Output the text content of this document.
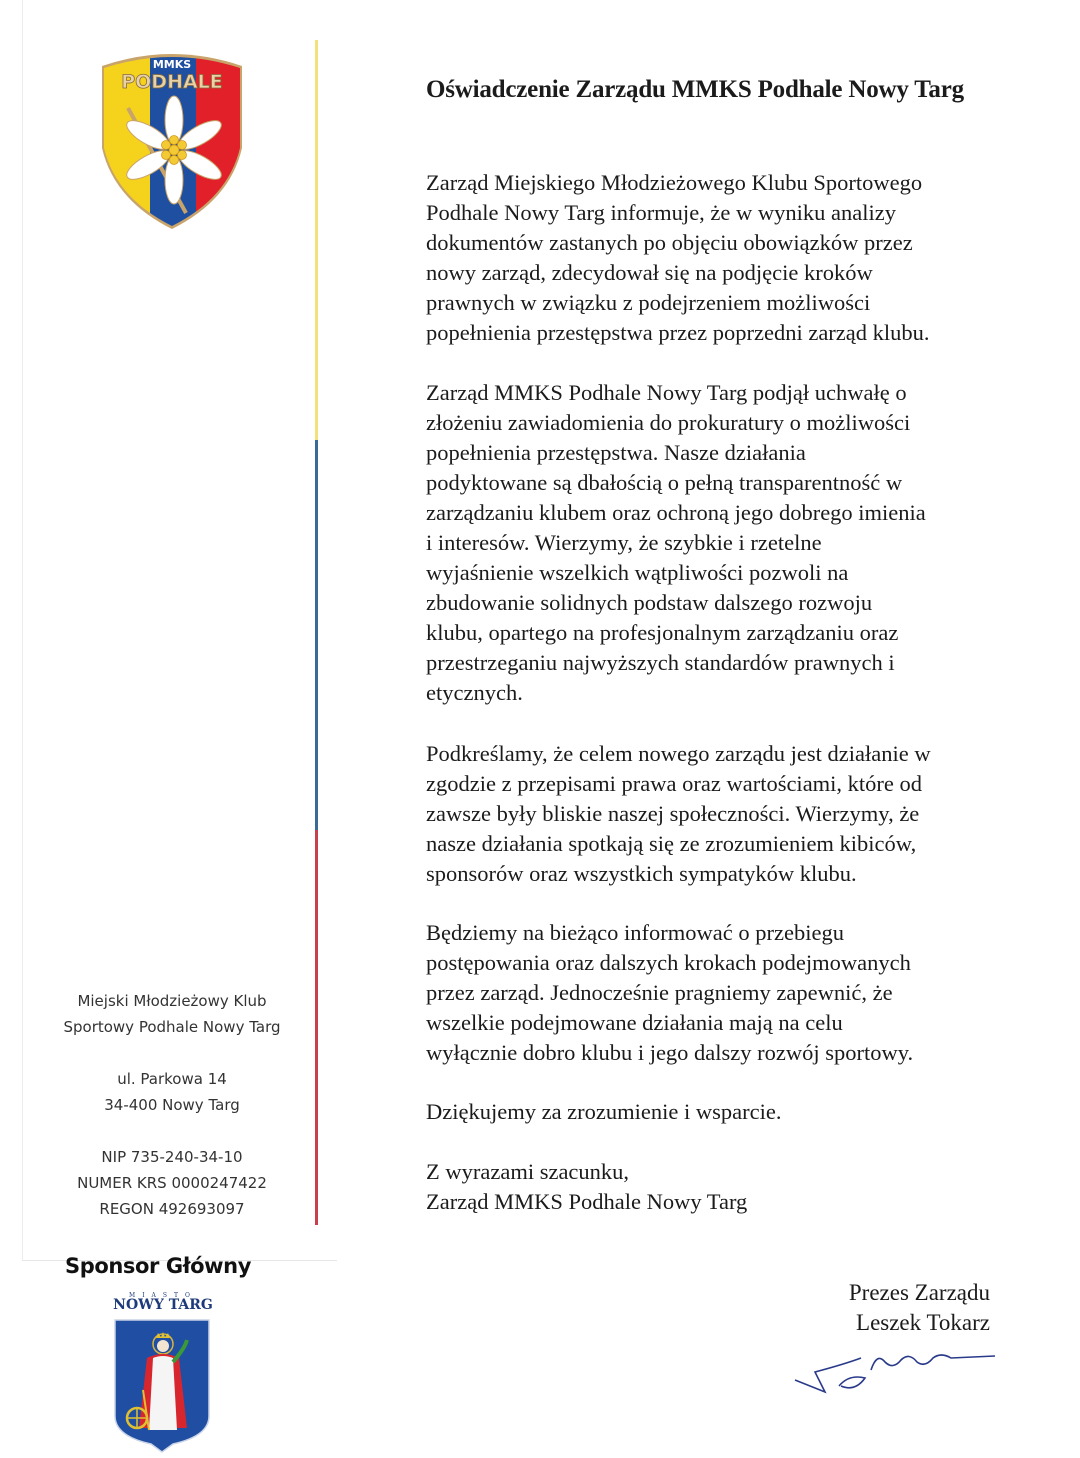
MMKS
PODHALE
Miejski Młodzieżowy Klub
Sportowy Podhale Nowy Targ
ul. Parkowa 14
34-400 Nowy Targ
NIP 735-240-34-10
NUMER KRS 0000247422
REGON 492693097
Sponsor Główny
MIASTO
NOWY TARG
Oświadczenie Zarządu MMKS Podhale Nowy Targ
Zarząd Miejskiego Młodzieżowego Klubu Sportowego
Podhale Nowy Targ informuje, że w wyniku analizy
dokumentów zastanych po objęciu obowiązków przez
nowy zarząd, zdecydował się na podjęcie kroków
prawnych w związku z podejrzeniem możliwości
popełnienia przestępstwa przez poprzedni zarząd klubu.
Zarząd MMKS Podhale Nowy Targ podjął uchwałę o
złożeniu zawiadomienia do prokuratury o możliwości
popełnienia przestępstwa. Nasze działania
podyktowane są dbałością o pełną transparentność w
zarządzaniu klubem oraz ochroną jego dobrego imienia
i interesów. Wierzymy, że szybkie i rzetelne
wyjaśnienie wszelkich wątpliwości pozwoli na
zbudowanie solidnych podstaw dalszego rozwoju
klubu, opartego na profesjonalnym zarządzaniu oraz
przestrzeganiu najwyższych standardów prawnych i
etycznych.
Podkreślamy, że celem nowego zarządu jest działanie w
zgodzie z przepisami prawa oraz wartościami, które od
zawsze były bliskie naszej społeczności. Wierzymy, że
nasze działania spotkają się ze zrozumieniem kibiców,
sponsorów oraz wszystkich sympatyków klubu.
Będziemy na bieżąco informować o przebiegu
postępowania oraz dalszych krokach podejmowanych
przez zarząd. Jednocześnie pragniemy zapewnić, że
wszelkie podejmowane działania mają na celu
wyłącznie dobro klubu i jego dalszy rozwój sportowy.
Dziękujemy za zrozumienie i wsparcie.
Z wyrazami szacunku,
Zarząd MMKS Podhale Nowy Targ
Prezes Zarządu
Leszek Tokarz
